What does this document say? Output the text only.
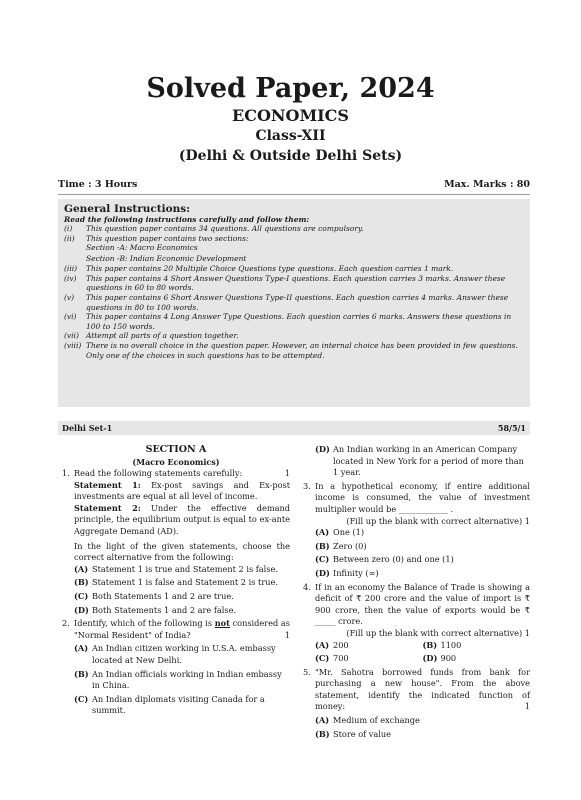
Solved Paper, 2024
ECONOMICS
Class-XII
(Delhi & Outside Delhi Sets)
Time : 3 Hours	Max. Marks : 80
General Instructions:
Read the following instructions carefully and follow them:
(i)	This question paper contains 34 questions. All questions are compulsory.
(ii)	This question paper contains two sections:
Section -A: Macro Economics
Section -B: Indian Economic Development
(iii)	This paper contains 20 Multiple Choice Questions type questions. Each question carries 1 mark.
(iv)	This paper contains 4 Short Answer Questions Type-I questions. Each question carries 3 marks. Answer these questions in 60 to 80 words.
(v)	This paper contains 6 Short Answer Questions Type-II questions. Each question carries 4 marks. Answer these questions in 80 to 100 words.
(vi)	This paper contains 4 Long Answer Type Questions. Each question carries 6 marks. Answers these questions in 100 to 150 words.
(vii) Attempt all parts of a question together.
(viii) There is no overall choice in the question paper. However, an internal choice has been provided in few questions. Only one of the choices in such questions has to be attempted.
Delhi Set-1	58/5/1
SECTION A
(Macro Economics)
1. Read the following statements carefully:	1
Statement 1: Ex-post savings and Ex-post investments are equal at all level of income.
Statement 2: Under the effective demand principle, the equilibrium output is equal to ex-ante Aggregate Demand (AD).
In the light of the given statements, choose the correct alternative from the following:
(A) Statement 1 is true and Statement 2 is false.
(B) Statement 1 is false and Statement 2 is true.
(C) Both Statements 1 and 2 are true.
(D) Both Statements 1 and 2 are false.
2. Identify, which of the following is not considered as "Normal Resident" of India?	1
(A) An Indian citizen working in U.S.A. embassy located at New Delhi.
(B) An Indian officials working in Indian embassy in China.
(C) An Indian diplomats visiting Canada for a summit.
(D) An Indian working in an American Company located in New York for a period of more than 1 year.
3. In a hypothetical economy, if entire additional income is consumed, the value of investment multiplier would be ____________ .
(Fill up the blank with correct alternative) 1
(A) One (1)
(B) Zero (0)
(C) Between zero (0) and one (1)
(D) Infinity (∞)
4. If in an economy the Balance of Trade is showing a deficit of ₹ 200 crore and the value of import is ₹ 900 crore, then the value of exports would be ₹ _____ crore.
(Fill up the blank with correct alternative) 1
(A) 200	(B) 1100
(C) 700	(D) 900
5. "Mr. Sahotra borrowed funds from bank for purchasing a new house". From the above statement, identify the indicated function of money:	1
(A) Medium of exchange
(B) Store of value
